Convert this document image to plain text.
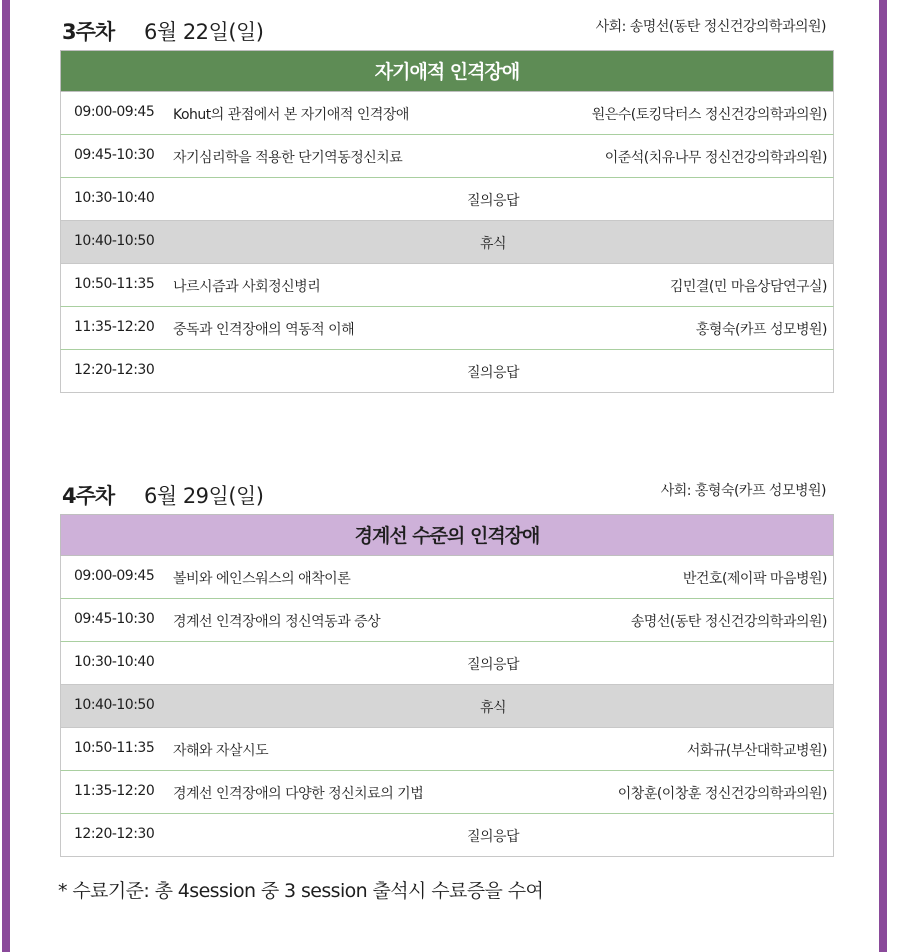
3주차 6월 22일(일)	사회: 송명선(동탄 정신건강의학과의원)
자기애적 인격장애
09:00-09:45 Kohut의 관점에서 본 자기애적 인격장애	원은수(토킹닥터스 정신건강의학과의원)
09:45-10:30 자기심리학을 적용한 단기역동정신치료	이준석(치유나무 정신건강의학과의원)
10:30-10:40	질의응답
10:40-10:50	휴식
10:50-11:35 나르시즘과 사회정신병리	김민결(민 마음상담연구실)
11:35-12:20 중독과 인격장애의 역동적 이해	홍형숙(카프 성모병원)
12:20-12:30	질의응답
4주차 6월 29일(일)	사회: 홍형숙(카프 성모병원)
경계선 수준의 인격장애
09:00-09:45 볼비와 에인스워스의 애착이론	반건호(제이팍 마음병원)
09:45-10:30 경계선 인격장애의 정신역동과 증상	송명선(동탄 정신건강의학과의원)
10:30-10:40	질의응답
10:40-10:50	휴식
10:50-11:35 자해와 자살시도	서화규(부산대학교병원)
11:35-12:20 경계선 인격장애의 다양한 정신치료의 기법	이창훈(이창훈 정신건강의학과의원)
12:20-12:30	질의응답
* 수료기준: 총 4session 중 3 session 출석시 수료증을 수여
